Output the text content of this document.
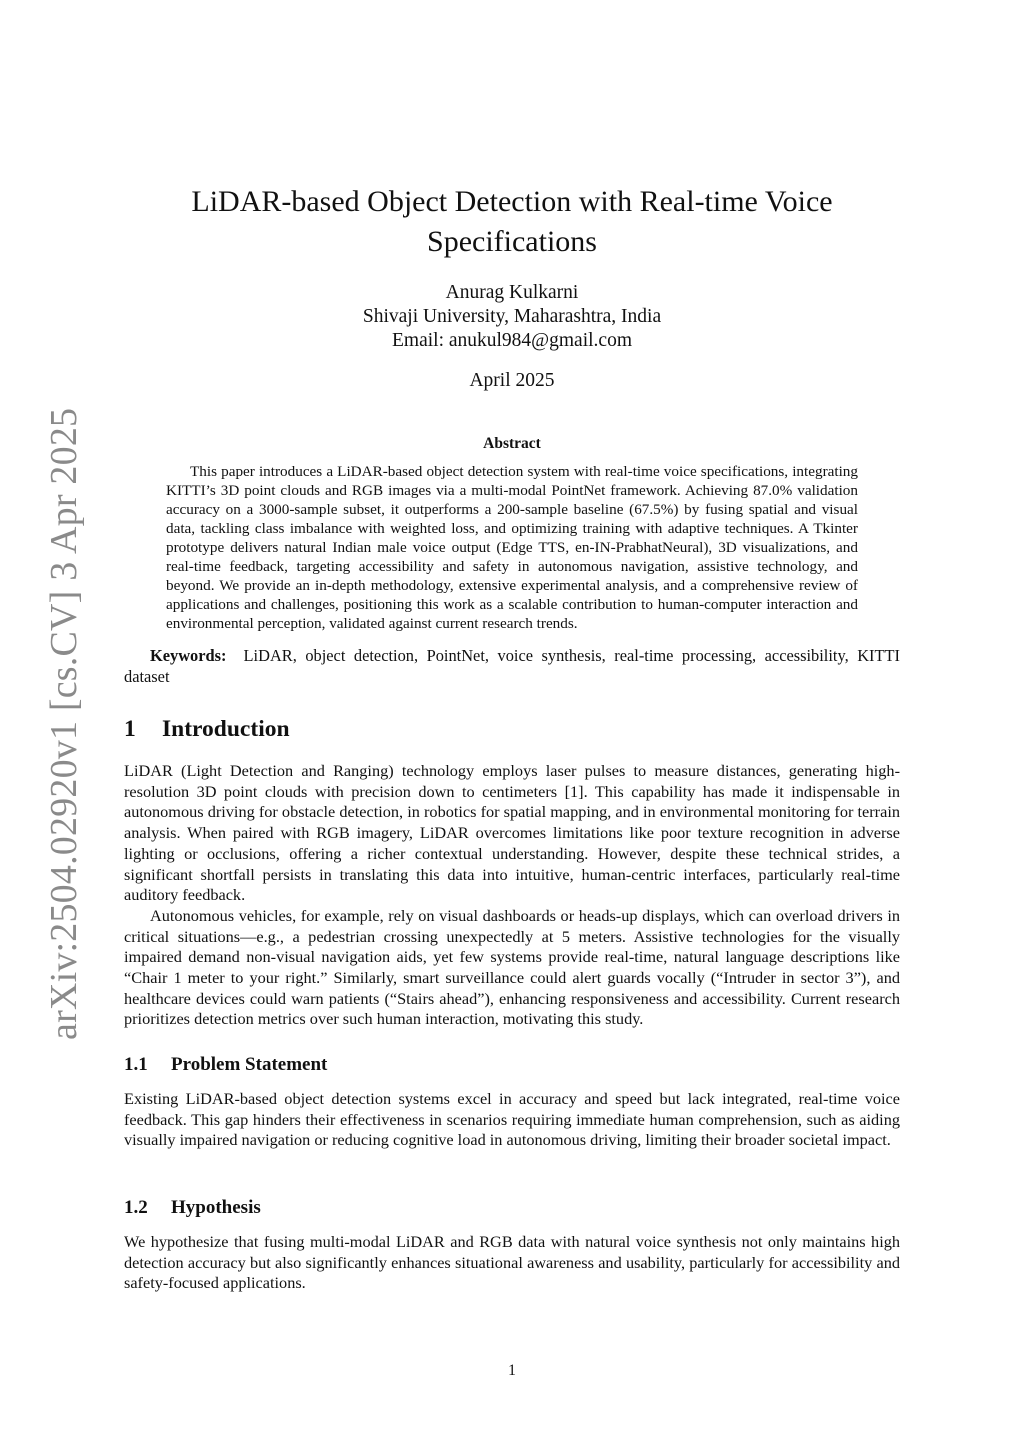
arXiv:2504.02920v1 [cs.CV] 3 Apr 2025
LiDAR-based Object Detection with Real-time Voice Specifications
Anurag Kulkarni
Shivaji University, Maharashtra, India
Email: anukul984@gmail.com
April 2025
Abstract

This paper introduces a LiDAR-based object detection system with real-time voice specifications, integrating KITTI’s 3D point clouds and RGB images via a multi-modal PointNet framework. Achieving 87.0% validation accuracy on a 3000-sample subset, it outperforms a 200-sample baseline (67.5%) by fusing spatial and visual data, tackling class imbalance with weighted loss, and optimizing training with adaptive techniques. A Tkinter prototype delivers natural Indian male voice output (Edge TTS, en-IN-PrabhatNeural), 3D visualizations, and real-time feedback, targeting accessibility and safety in autonomous navigation, assistive technology, and beyond. We provide an in-depth methodology, extensive experimental analysis, and a comprehensive review of applications and challenges, positioning this work as a scalable contribution to human-computer interaction and environmental perception, validated against current research trends.

Keywords: LiDAR, object detection, PointNet, voice synthesis, real-time processing, accessibility, KITTI dataset

1 Introduction

LiDAR (Light Detection and Ranging) technology employs laser pulses to measure distances, generating high-resolution 3D point clouds with precision down to centimeters [1]. This capability has made it indispensable in autonomous driving for obstacle detection, in robotics for spatial mapping, and in environmental monitoring for terrain analysis. When paired with RGB imagery, LiDAR overcomes limitations like poor texture recognition in adverse lighting or occlusions, offering a richer contextual understanding. However, despite these technical strides, a significant shortfall persists in translating this data into intuitive, human-centric interfaces, particularly real-time auditory feedback.

Autonomous vehicles, for example, rely on visual dashboards or heads-up displays, which can overload drivers in critical situations—e.g., a pedestrian crossing unexpectedly at 5 meters. Assistive technologies for the visually impaired demand non-visual navigation aids, yet few systems provide real-time, natural language descriptions like “Chair 1 meter to your right.” Similarly, smart surveillance could alert guards vocally (“Intruder in sector 3”), and healthcare devices could warn patients (“Stairs ahead”), enhancing responsiveness and accessibility. Current research prioritizes detection metrics over such human interaction, motivating this study.

1.1 Problem Statement

Existing LiDAR-based object detection systems excel in accuracy and speed but lack integrated, real-time voice feedback. This gap hinders their effectiveness in scenarios requiring immediate human comprehension, such as aiding visually impaired navigation or reducing cognitive load in autonomous driving, limiting their broader societal impact.

1.2 Hypothesis

We hypothesize that fusing multi-modal LiDAR and RGB data with natural voice synthesis not only maintains high detection accuracy but also significantly enhances situational awareness and usability, particularly for accessibility and safety-focused applications.

1
